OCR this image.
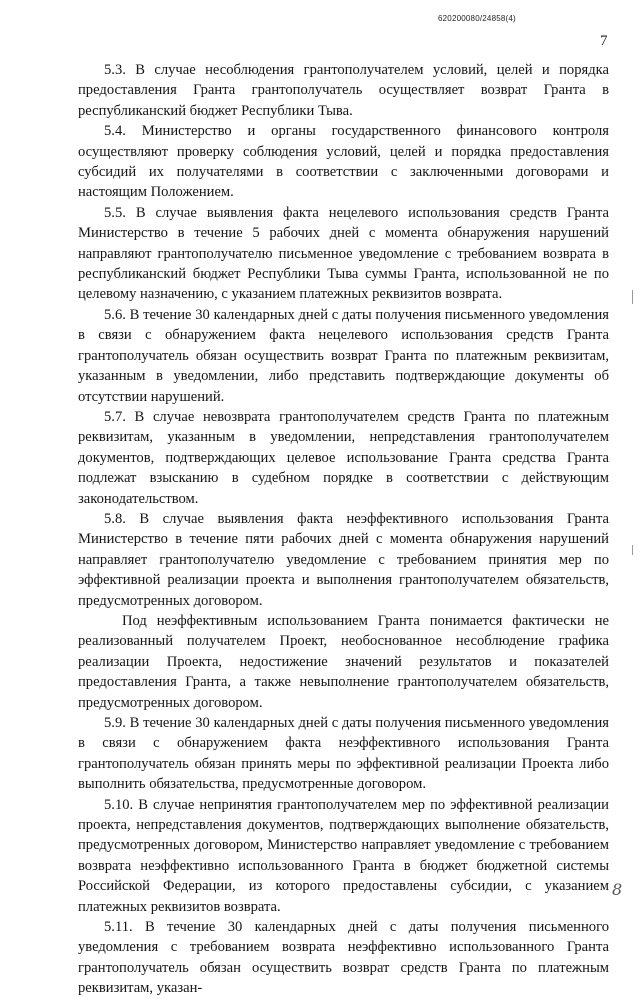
620200080/24858(4)
7

5.3. В случае несоблюдения грантополучателем условий, целей и порядка предоставления Гранта грантополучатель осуществляет возврат Гранта в республиканский бюджет Республики Тыва.

5.4. Министерство и органы государственного финансового контроля осуществляют проверку соблюдения условий, целей и порядка предоставления субсидий их получателями в соответствии с заключенными договорами и настоящим Положением.

5.5. В случае выявления факта нецелевого использования средств Гранта Министерство в течение 5 рабочих дней с момента обнаружения нарушений направляют грантополучателю письменное уведомление с требованием возврата в республиканский бюджет Республики Тыва суммы Гранта, использованной не по целевому назначению, с указанием платежных реквизитов возврата.

5.6. В течение 30 календарных дней с даты получения письменного уведомления в связи с обнаружением факта нецелевого использования средств Гранта грантополучатель обязан осуществить возврат Гранта по платежным реквизитам, указанным в уведомлении, либо представить подтверждающие документы об отсутствии нарушений.

5.7. В случае невозврата грантополучателем средств Гранта по платежным реквизитам, указанным в уведомлении, непредставления грантополучателем документов, подтверждающих целевое использование Гранта средства Гранта подлежат взысканию в судебном порядке в соответствии с действующим законодательством.

5.8. В случае выявления факта неэффективного использования Гранта Министерство в течение пяти рабочих дней с момента обнаружения нарушений направляет грантополучателю уведомление с требованием принятия мер по эффективной реализации проекта и выполнения грантополучателем обязательств, предусмотренных договором.

Под неэффективным использованием Гранта понимается фактически не реализованный получателем Проект, необоснованное несоблюдение графика реализации Проекта, недостижение значений результатов и показателей предоставления Гранта, а также невыполнение грантополучателем обязательств, предусмотренных договором.

5.9. В течение 30 календарных дней с даты получения письменного уведомления в связи с обнаружением факта неэффективного использования Гранта грантополучатель обязан принять меры по эффективной реализации Проекта либо выполнить обязательства, предусмотренные договором.

5.10. В случае непринятия грантополучателем мер по эффективной реализации проекта, непредставления документов, подтверждающих выполнение обязательств, предусмотренных договором, Министерство направляет уведомление с требованием возврата неэффективно использованного Гранта в бюджет бюджетной системы Российской Федерации, из которого предоставлены субсидии, с указанием платежных реквизитов возврата.

5.11. В течение 30 календарных дней с даты получения письменного уведомления с требованием возврата неэффективно использованного Гранта грантополучатель обязан осуществить возврат средств Гранта по платежным реквизитам, указан-

8
